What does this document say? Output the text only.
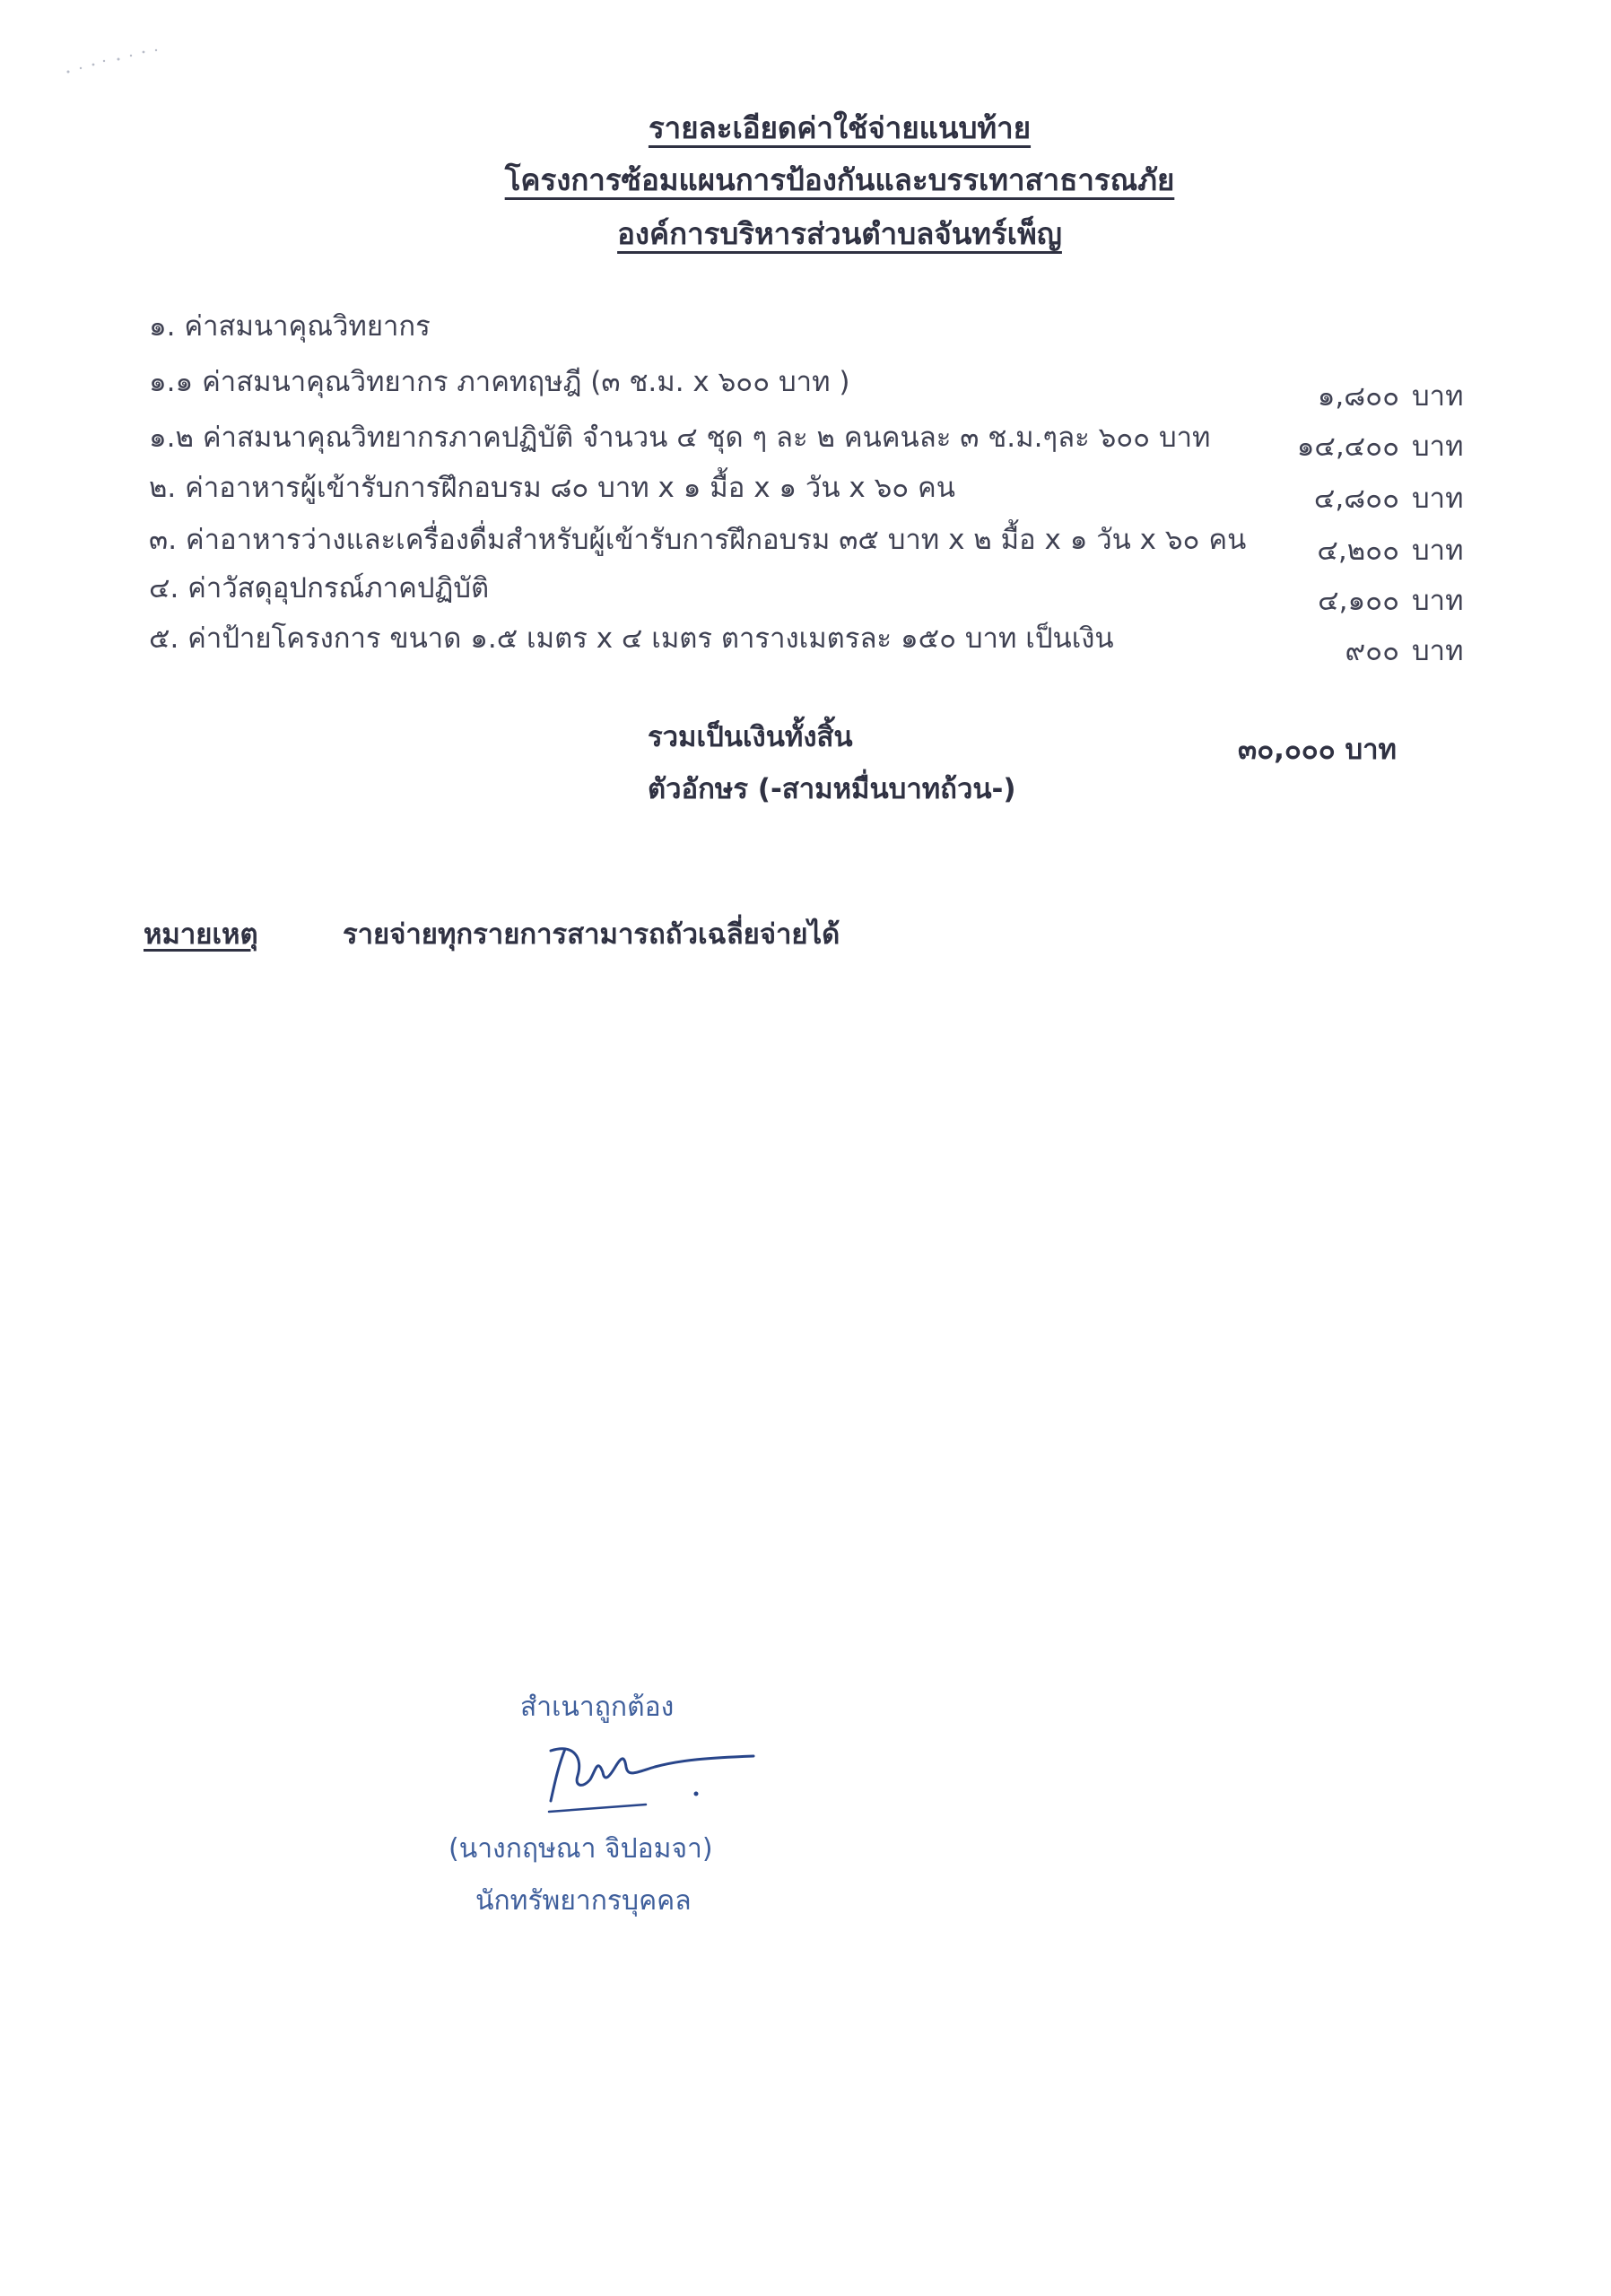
รายละเอียดค่าใช้จ่ายแนบท้าย
โครงการซ้อมแผนการป้องกันและบรรเทาสาธารณภัย
องค์การบริหารส่วนตำบลจันทร์เพ็ญ
๑. ค่าสมนาคุณวิทยากร
๑.๑ ค่าสมนาคุณวิทยากร ภาคทฤษฎี (๓ ช.ม. x ๖๐๐ บาท )	๑,๘๐๐ บาท
๑.๒ ค่าสมนาคุณวิทยากรภาคปฏิบัติ จำนวน ๔ ชุด ๆ ละ ๒ คนคนละ ๓ ช.ม.ๆละ ๖๐๐ บาท	๑๔,๔๐๐ บาท
๒. ค่าอาหารผู้เข้ารับการฝึกอบรม ๘๐ บาท x ๑ มื้อ x ๑ วัน x ๖๐ คน	๔,๘๐๐ บาท
๓. ค่าอาหารว่างและเครื่องดื่มสำหรับผู้เข้ารับการฝึกอบรม ๓๕ บาท x ๒ มื้อ x ๑ วัน x ๖๐ คน	๔,๒๐๐ บาท
๔. ค่าวัสดุอุปกรณ์ภาคปฏิบัติ	๔,๑๐๐ บาท
๕. ค่าป้ายโครงการ ขนาด ๑.๕ เมตร x ๔ เมตร ตารางเมตรละ ๑๕๐ บาท เป็นเงิน	๙๐๐ บาท
รวมเป็นเงินทั้งสิ้น	๓๐,๐๐๐ บาท
ตัวอักษร (-สามหมื่นบาทถ้วน-)
หมายเหตุ	รายจ่ายทุกรายการสามารถถัวเฉลี่ยจ่ายได้
สำเนาถูกต้อง
(นางกฤษณา จิปอมจา)
นักทรัพยากรบุคคล
